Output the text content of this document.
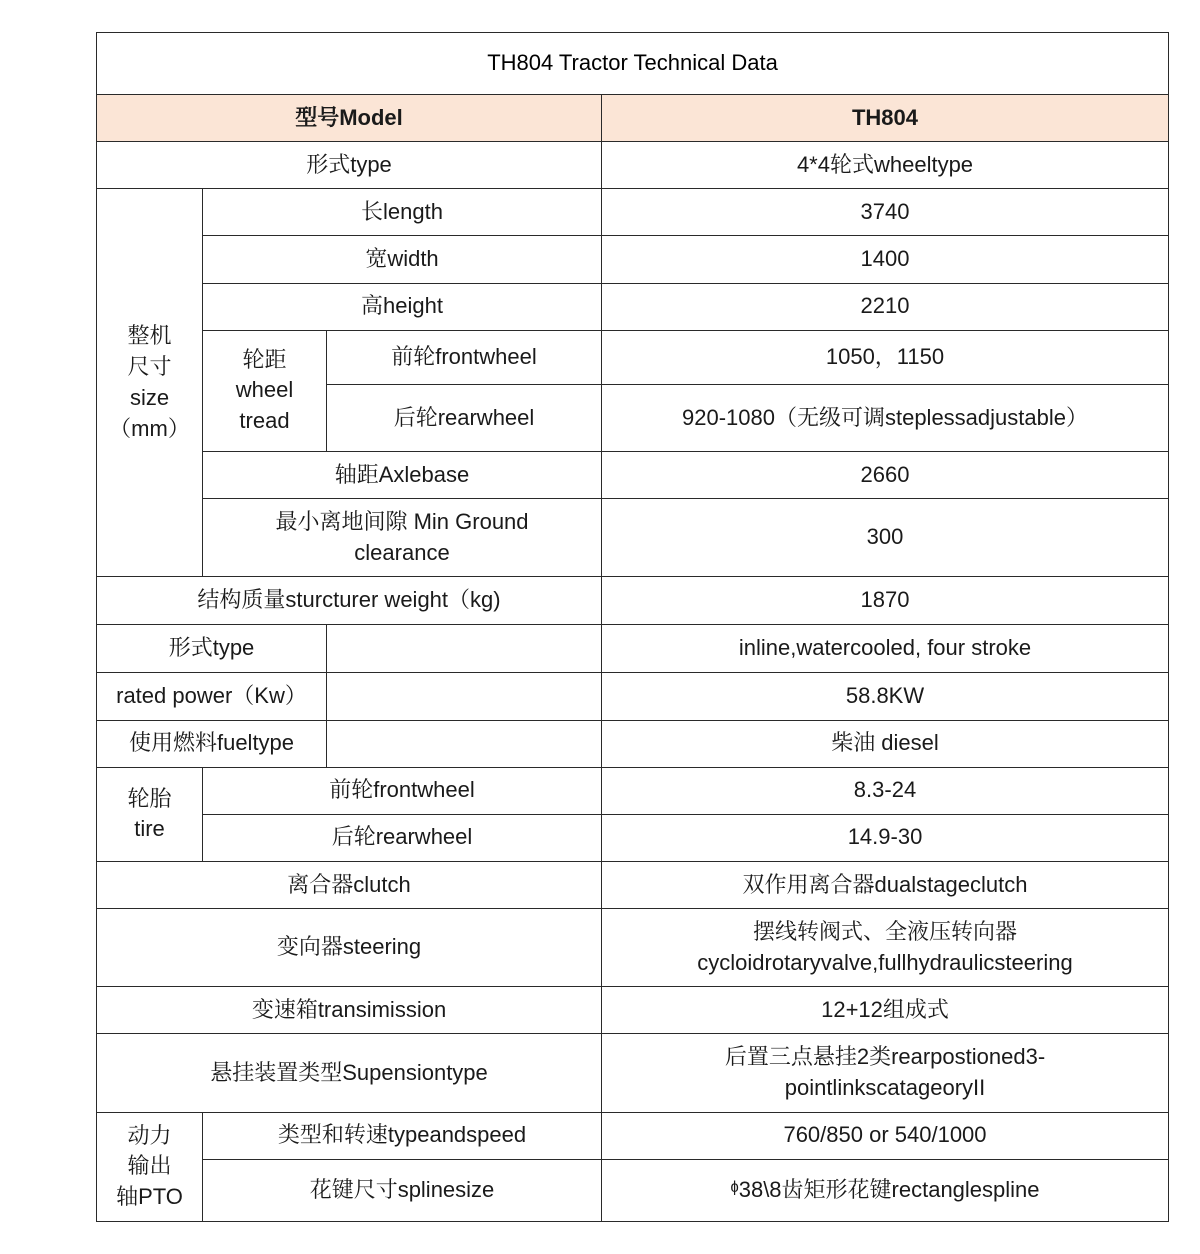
TH804 Tractor Technical Data			
型号Model			TH804
形式type			4*4轮式wheeltype

整机
尺寸
size
（mm）	长length		3740
	宽width		1400
	高height		2210

	轮距
wheel
tread	前轮frontwheel	1050，1150
		后轮rearwheel	920-1080（无级可调steplessadjustable）
	轴距Axlebase		2660

	最小离地间隙 Min Ground
clearance		300
结构质量sturcturer weight（kg)			1870
形式type			inline,watercooled, four stroke
rated power（Kw）			58.8KW
使用燃料fueltype			柴油 diesel

轮胎
tire	前轮frontwheel		8.3-24
	后轮rearwheel		14.9-30
离合器clutch			双作用离合器dualstageclutch
变向器steering			摆线转阀式、全液压转向器
cycloidrotaryvalve,fullhydraulicsteering

变速箱transimission			12+12组成式
悬挂装置类型Supensiontype			后置三点悬挂2类rearpostioned3-
pointlinkscatageoryII

动力
输出
轴PTO	类型和转速typeandspeed		760/850 or 540/1000
	花键尺寸splinesize		ᶲ38\8齿矩形花键rectanglespline
